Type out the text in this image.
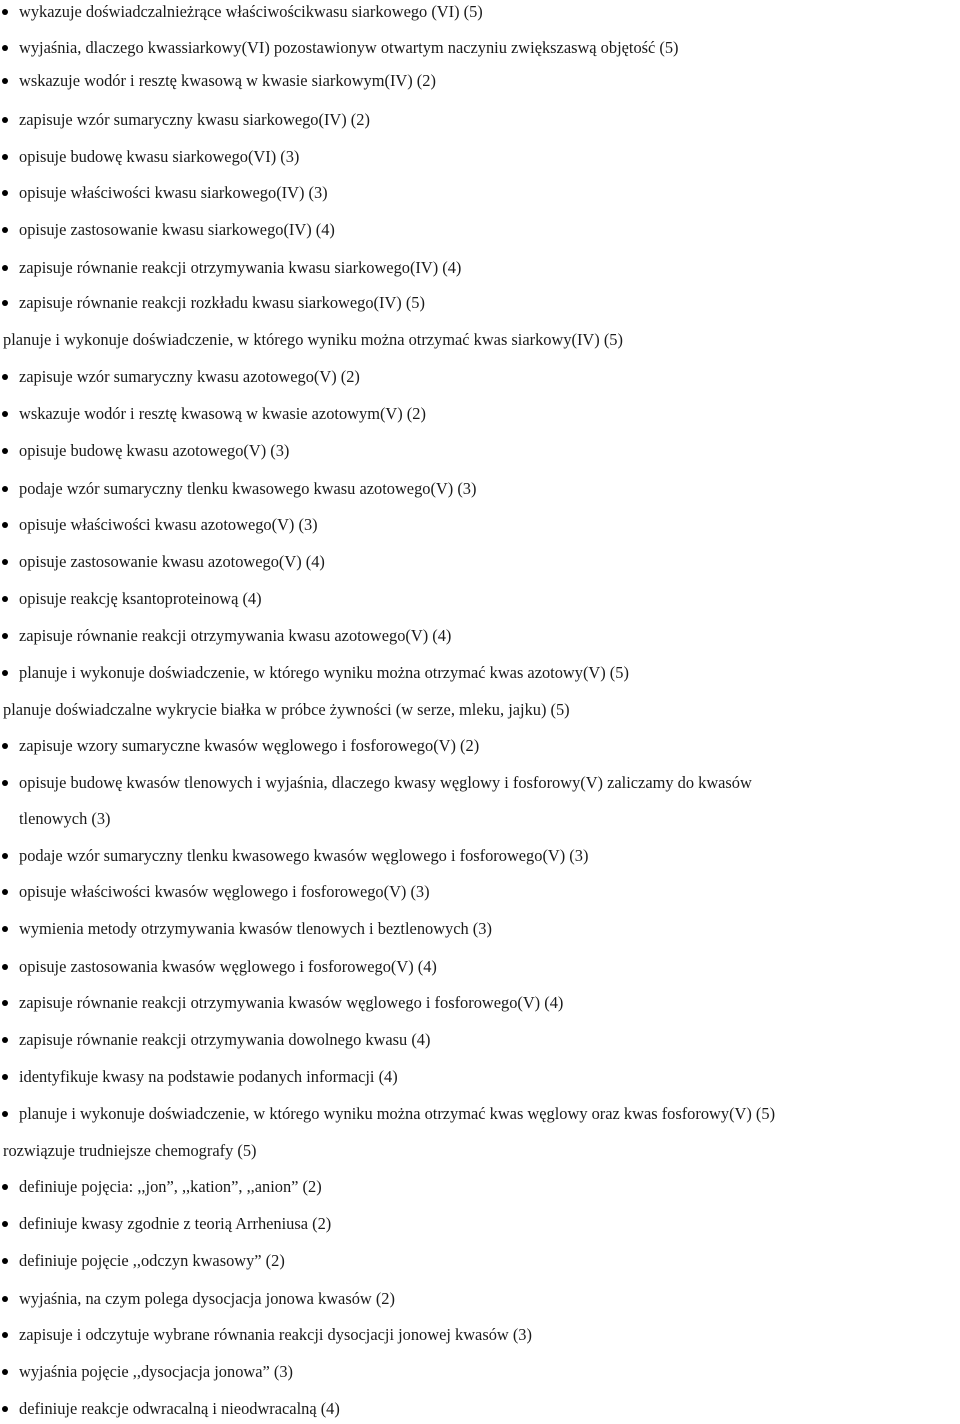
wykazuje doświadczalnieżrące właściwościkwasu siarkowego (VI) (5)
wyjaśnia, dlaczego kwassiarkowy(VI) pozostawionyw otwartym naczyniu zwiększaswą objętość (5)
wskazuje wodór i resztę kwasową w kwasie siarkowym(IV) (2)
zapisuje wzór sumaryczny kwasu siarkowego(IV) (2)
opisuje budowę kwasu siarkowego(VI) (3)
opisuje właściwości kwasu siarkowego(IV) (3)
opisuje zastosowanie kwasu siarkowego(IV) (4)
zapisuje równanie reakcji otrzymywania kwasu siarkowego(IV) (4)
zapisuje równanie reakcji rozkładu kwasu siarkowego(IV) (5)
planuje i wykonuje doświadczenie, w którego wyniku można otrzymać kwas siarkowy(IV) (5)
zapisuje wzór sumaryczny kwasu azotowego(V) (2)
wskazuje wodór i resztę kwasową w kwasie azotowym(V) (2)
opisuje budowę kwasu azotowego(V) (3)
podaje wzór sumaryczny tlenku kwasowego kwasu azotowego(V) (3)
opisuje właściwości kwasu azotowego(V) (3)
opisuje zastosowanie kwasu azotowego(V) (4)
opisuje reakcję ksantoproteinową (4)
zapisuje równanie reakcji otrzymywania kwasu azotowego(V) (4)
planuje i wykonuje doświadczenie, w którego wyniku można otrzymać kwas azotowy(V) (5)
planuje doświadczalne wykrycie białka w próbce żywności (w serze, mleku, jajku) (5)
zapisuje wzory sumaryczne kwasów węglowego i fosforowego(V) (2)
opisuje budowę kwasów tlenowych i wyjaśnia, dlaczego kwasy węglowy i fosforowy(V) zaliczamy do kwasów
tlenowych (3)
podaje wzór sumaryczny tlenku kwasowego kwasów węglowego i fosforowego(V) (3)
opisuje właściwości kwasów węglowego i fosforowego(V) (3)
wymienia metody otrzymywania kwasów tlenowych i beztlenowych (3)
opisuje zastosowania kwasów węglowego i fosforowego(V) (4)
zapisuje równanie reakcji otrzymywania kwasów węglowego i fosforowego(V) (4)
zapisuje równanie reakcji otrzymywania dowolnego kwasu (4)
identyfikuje kwasy na podstawie podanych informacji (4)
planuje i wykonuje doświadczenie, w którego wyniku można otrzymać kwas węglowy oraz kwas fosforowy(V) (5)
rozwiązuje trudniejsze chemografy (5)
definiuje pojęcia: ,,jon”, ,,kation”, ,,anion” (2)
definiuje kwasy zgodnie z teorią Arrheniusa (2)
definiuje pojęcie ,,odczyn kwasowy” (2)
wyjaśnia, na czym polega dysocjacja jonowa kwasów (2)
zapisuje i odczytuje wybrane równania reakcji dysocjacji jonowej kwasów (3)
wyjaśnia pojęcie ,,dysocjacja jonowa” (3)
definiuje reakcje odwracalną i nieodwracalną (4)
